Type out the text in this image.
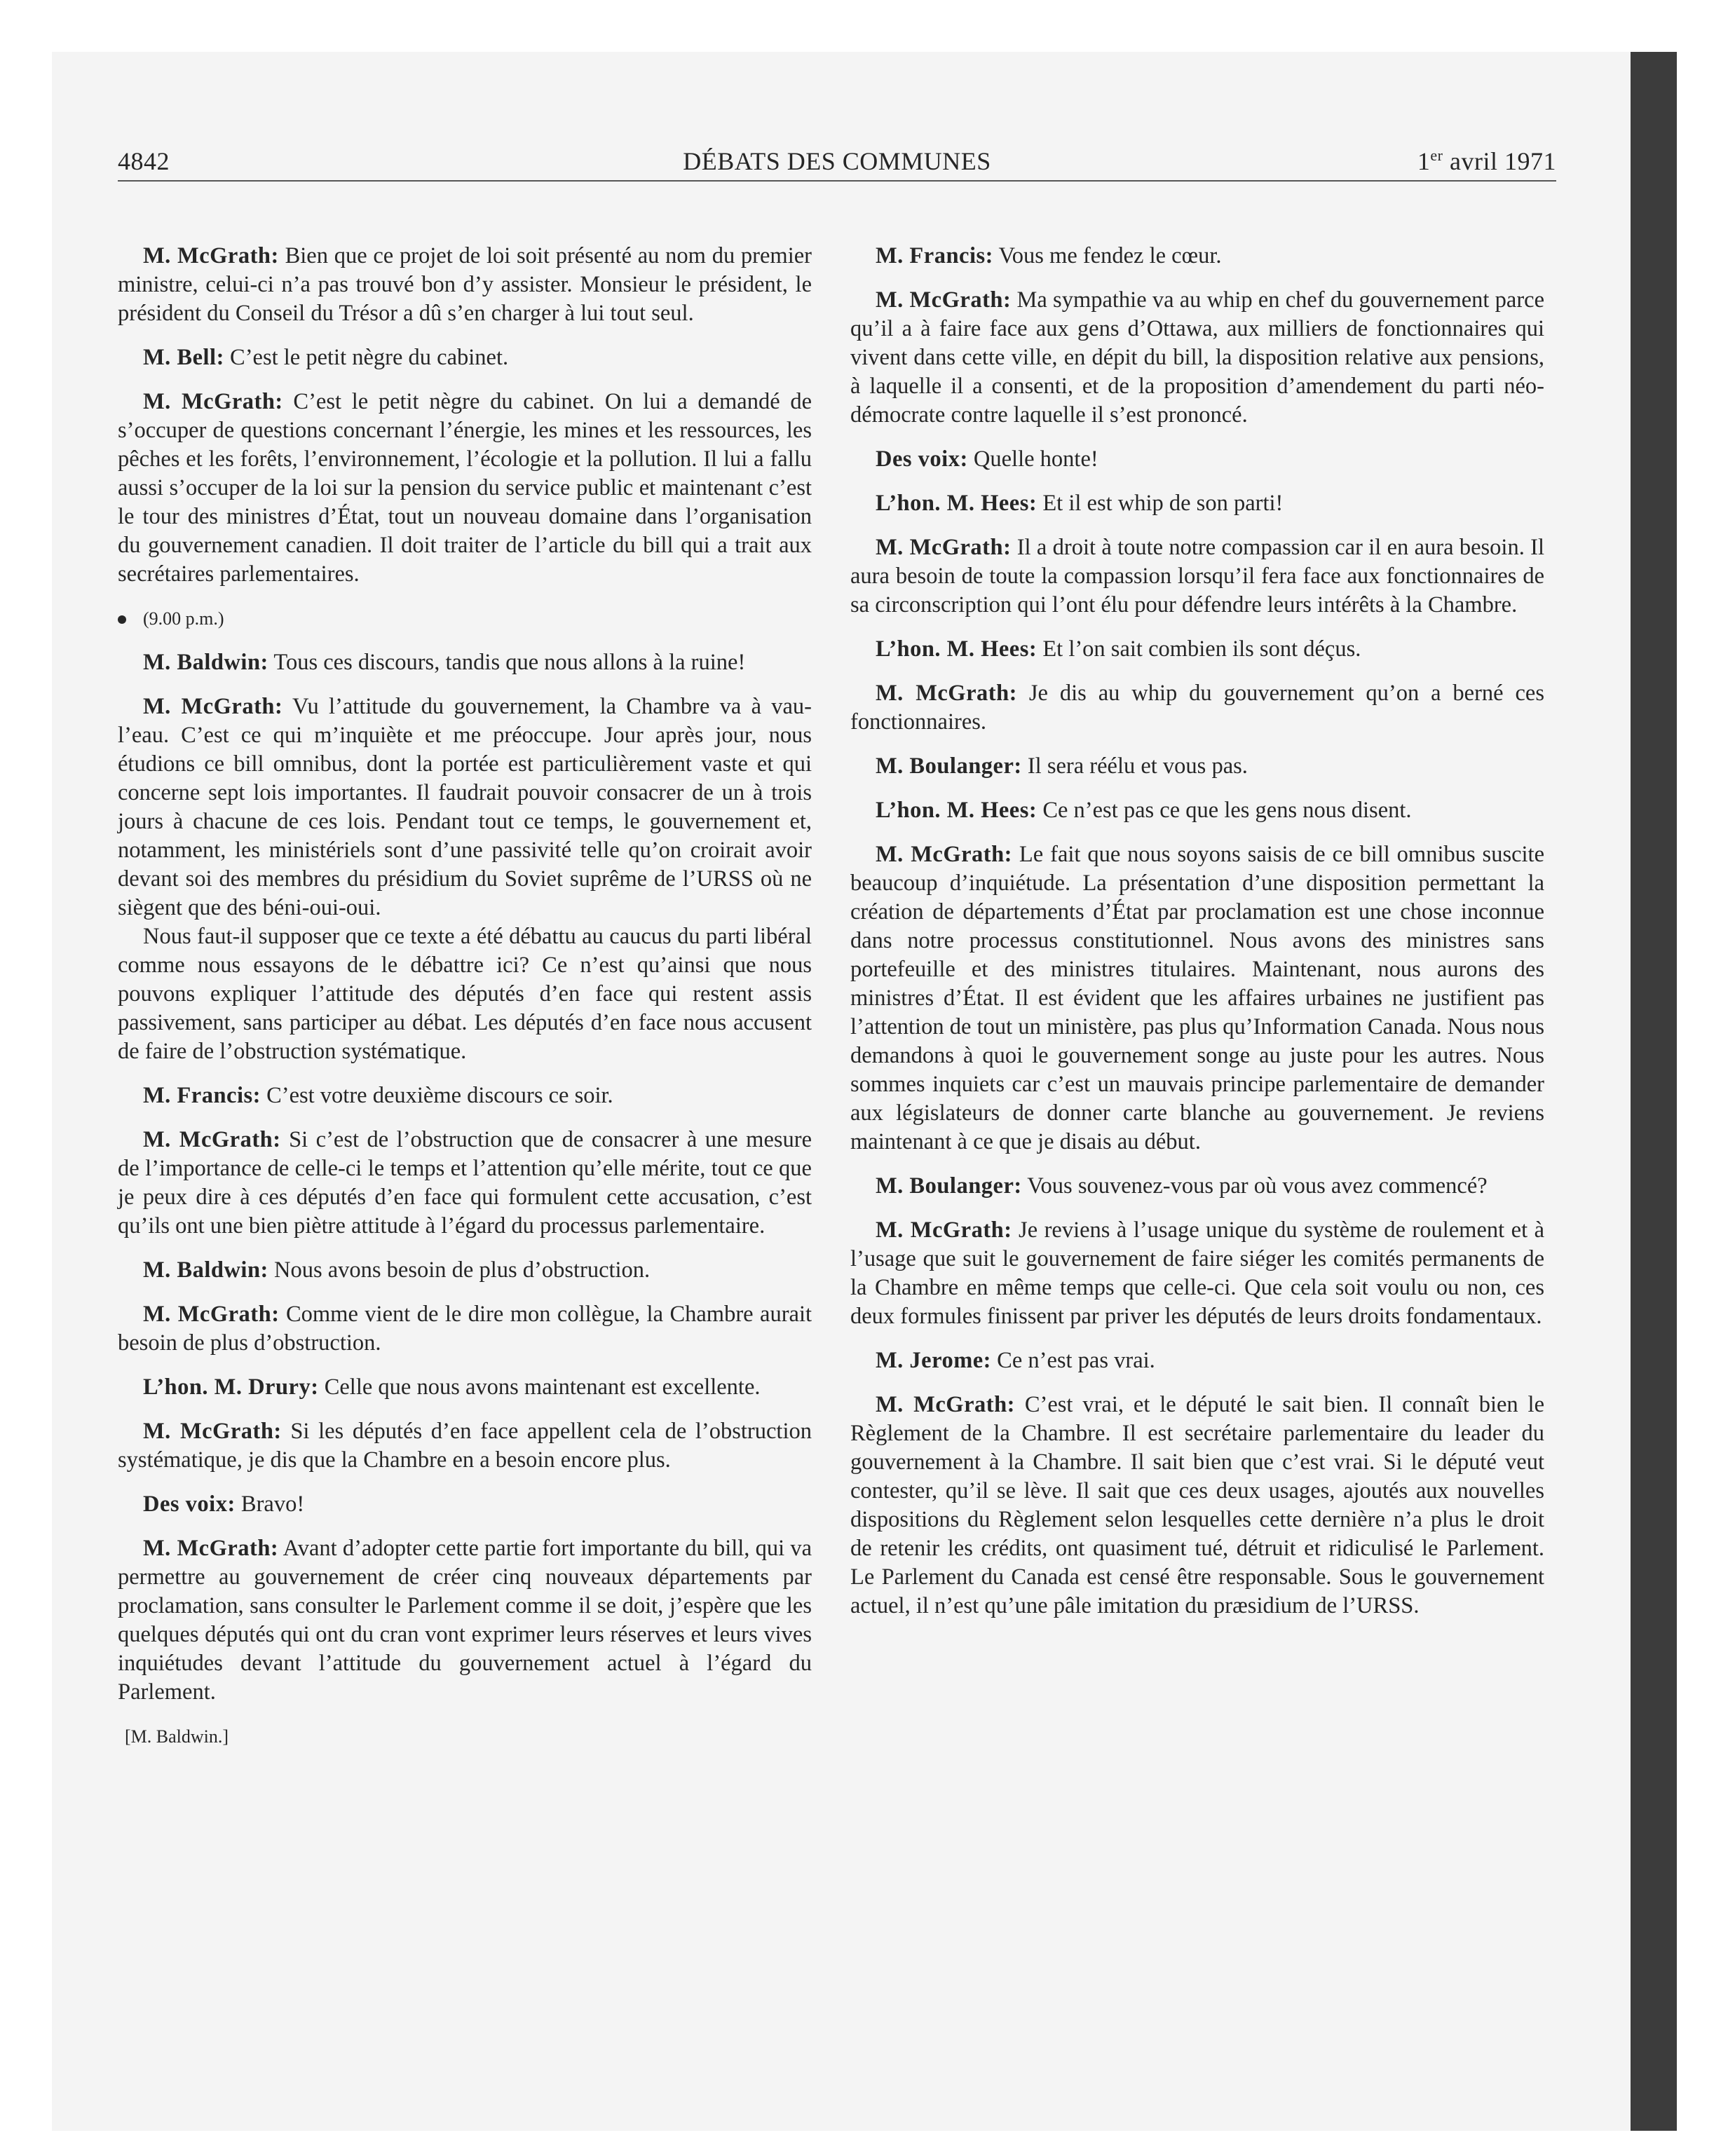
4842	DÉBATS DES COMMUNES	1er avril 1971

M. McGrath: Bien que ce projet de loi soit présenté au nom du premier ministre, celui-ci n’a pas trouvé bon d’y assister. Monsieur le président, le président du Conseil du Trésor a dû s’en charger à lui tout seul.

M. Bell: C’est le petit nègre du cabinet.

M. McGrath: C’est le petit nègre du cabinet. On lui a demandé de s’occuper de questions concernant l’énergie, les mines et les ressources, les pêches et les forêts, l’environnement, l’écologie et la pollution. Il lui a fallu aussi s’occuper de la loi sur la pension du service public et maintenant c’est le tour des ministres d’État, tout un nouveau domaine dans l’organisation du gouvernement canadien. Il doit traiter de l’article du bill qui a trait aux secrétaires parlementaires.

(9.00 p.m.)

M. Baldwin: Tous ces discours, tandis que nous allons à la ruine!

M. McGrath: Vu l’attitude du gouvernement, la Chambre va à vau-l’eau. C’est ce qui m’inquiète et me préoccupe. Jour après jour, nous étudions ce bill omnibus, dont la portée est particulièrement vaste et qui concerne sept lois importantes. Il faudrait pouvoir consacrer de un à trois jours à chacune de ces lois. Pendant tout ce temps, le gouvernement et, notamment, les ministériels sont d’une passivité telle qu’on croirait avoir devant soi des membres du présidium du Soviet suprême de l’URSS où ne siègent que des béni-oui-oui.

Nous faut-il supposer que ce texte a été débattu au caucus du parti libéral comme nous essayons de le débattre ici? Ce n’est qu’ainsi que nous pouvons expliquer l’attitude des députés d’en face qui restent assis passivement, sans participer au débat. Les députés d’en face nous accusent de faire de l’obstruction systématique.

M. Francis: C’est votre deuxième discours ce soir.

M. McGrath: Si c’est de l’obstruction que de consacrer à une mesure de l’importance de celle-ci le temps et l’attention qu’elle mérite, tout ce que je peux dire à ces députés d’en face qui formulent cette accusation, c’est qu’ils ont une bien piètre attitude à l’égard du processus parlementaire.

M. Baldwin: Nous avons besoin de plus d’obstruction.

M. McGrath: Comme vient de le dire mon collègue, la Chambre aurait besoin de plus d’obstruction.

L’hon. M. Drury: Celle que nous avons maintenant est excellente.

M. McGrath: Si les députés d’en face appellent cela de l’obstruction systématique, je dis que la Chambre en a besoin encore plus.

Des voix: Bravo!

M. McGrath: Avant d’adopter cette partie fort importante du bill, qui va permettre au gouvernement de créer cinq nouveaux départements par proclamation, sans consulter le Parlement comme il se doit, j’espère que les quelques députés qui ont du cran vont exprimer leurs réserves et leurs vives inquiétudes devant l’attitude du gouvernement actuel à l’égard du Parlement.

[M. Baldwin.]

M. Francis: Vous me fendez le cœur.

M. McGrath: Ma sympathie va au whip en chef du gouvernement parce qu’il a à faire face aux gens d’Ottawa, aux milliers de fonctionnaires qui vivent dans cette ville, en dépit du bill, la disposition relative aux pensions, à laquelle il a consenti, et de la proposition d’amendement du parti néo-démocrate contre laquelle il s’est prononcé.

Des voix: Quelle honte!

L’hon. M. Hees: Et il est whip de son parti!

M. McGrath: Il a droit à toute notre compassion car il en aura besoin. Il aura besoin de toute la compassion lorsqu’il fera face aux fonctionnaires de sa circonscription qui l’ont élu pour défendre leurs intérêts à la Chambre.

L’hon. M. Hees: Et l’on sait combien ils sont déçus.

M. McGrath: Je dis au whip du gouvernement qu’on a berné ces fonctionnaires.

M. Boulanger: Il sera réélu et vous pas.

L’hon. M. Hees: Ce n’est pas ce que les gens nous disent.

M. McGrath: Le fait que nous soyons saisis de ce bill omnibus suscite beaucoup d’inquiétude. La présentation d’une disposition permettant la création de départements d’État par proclamation est une chose inconnue dans notre processus constitutionnel. Nous avons des ministres sans portefeuille et des ministres titulaires. Maintenant, nous aurons des ministres d’État. Il est évident que les affaires urbaines ne justifient pas l’attention de tout un ministère, pas plus qu’Information Canada. Nous nous demandons à quoi le gouvernement songe au juste pour les autres. Nous sommes inquiets car c’est un mauvais principe parlementaire de demander aux législateurs de donner carte blanche au gouvernement. Je reviens maintenant à ce que je disais au début.

M. Boulanger: Vous souvenez-vous par où vous avez commencé?

M. McGrath: Je reviens à l’usage unique du système de roulement et à l’usage que suit le gouvernement de faire siéger les comités permanents de la Chambre en même temps que celle-ci. Que cela soit voulu ou non, ces deux formules finissent par priver les députés de leurs droits fondamentaux.

M. Jerome: Ce n’est pas vrai.

M. McGrath: C’est vrai, et le député le sait bien. Il connaît bien le Règlement de la Chambre. Il est secrétaire parlementaire du leader du gouvernement à la Chambre. Il sait bien que c’est vrai. Si le député veut contester, qu’il se lève. Il sait que ces deux usages, ajoutés aux nouvelles dispositions du Règlement selon lesquelles cette dernière n’a plus le droit de retenir les crédits, ont quasiment tué, détruit et ridiculisé le Parlement. Le Parlement du Canada est censé être responsable. Sous le gouvernement actuel, il n’est qu’une pâle imitation du præsidium de l’URSS.
